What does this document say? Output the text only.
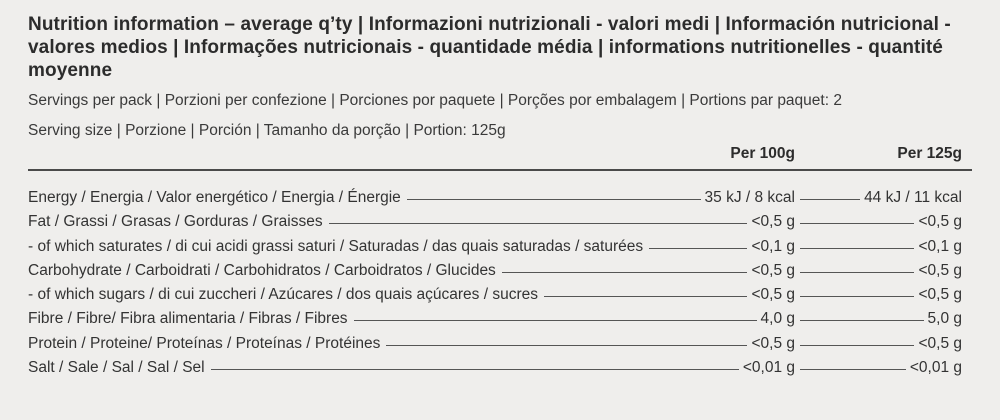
Nutrition information – average q’ty | Informazioni nutrizionali - valori medi | Información nutricional - valores medios | Informações nutricionais - quantidade média | informations nutritionelles - quantité moyenne
Servings per pack | Porzioni per confezione | Porciones por paquete | Porções por embalagem | Portions par paquet: 2
Serving size | Porzione | Porción | Tamanho da porção | Portion: 125g
Per 100g	Per 125g
Energy / Energia / Valor energético / Energia / Énergie	35 kJ / 8 kcal	44 kJ / 11 kcal
Fat / Grassi / Grasas / Gorduras / Graisses	<0,5 g	<0,5 g
- of which saturates / di cui acidi grassi saturi / Saturadas / das quais saturadas / saturées	<0,1 g	<0,1 g
Carbohydrate / Carboidrati / Carbohidratos / Carboidratos / Glucides	<0,5 g	<0,5 g
- of which sugars / di cui zuccheri / Azúcares / dos quais açúcares / sucres	<0,5 g	<0,5 g
Fibre / Fibre/ Fibra alimentaria / Fibras / Fibres	4,0 g	5,0 g
Protein / Proteine/ Proteínas / Proteínas / Protéines	<0,5 g	<0,5 g
Salt / Sale / Sal / Sal / Sel	<0,01 g	<0,01 g
